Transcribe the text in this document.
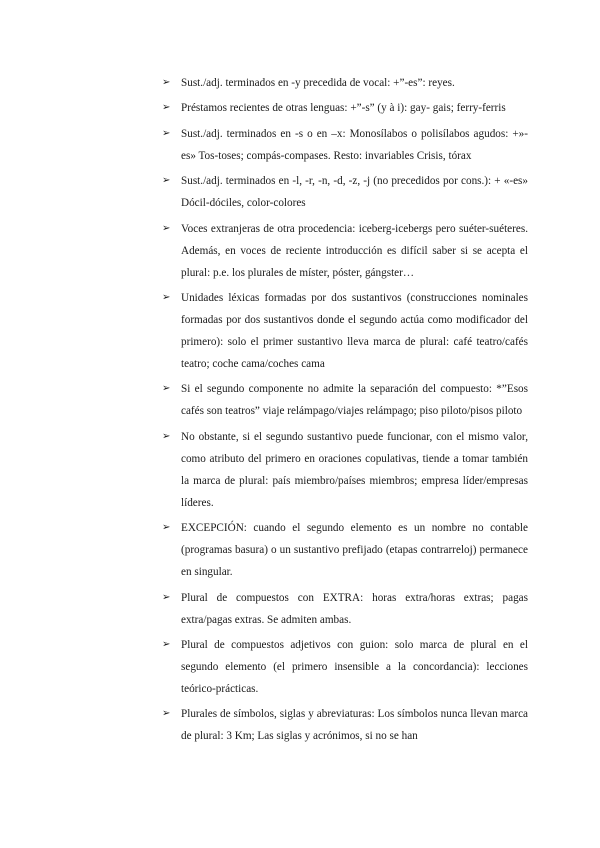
➢ Sust./adj. terminados en -y precedida de vocal: +”-es”: reyes.
➢ Préstamos recientes de otras lenguas: +”-s” (y à i): gay- gais; ferry-ferris
➢ Sust./adj. terminados en -s o en –x: Monosílabos o polisílabos agudos: +»-es» Tos-toses; compás-compases. Resto: invariables Crisis, tórax
➢ Sust./adj. terminados en -l, -r, -n, -d, -z, -j (no precedidos por cons.): + «-es» Dócil-dóciles, color-colores
➢ Voces extranjeras de otra procedencia: iceberg-icebergs pero suéter-suéteres. Además, en voces de reciente introducción es difícil saber si se acepta el plural: p.e. los plurales de míster, póster, gángster…
➢ Unidades léxicas formadas por dos sustantivos (construcciones nominales formadas por dos sustantivos donde el segundo actúa como modificador del primero): solo el primer sustantivo lleva marca de plural: café teatro/cafés teatro; coche cama/coches cama
➢ Si el segundo componente no admite la separación del compuesto: *”Esos cafés son teatros” viaje relámpago/viajes relámpago; piso piloto/pisos piloto
➢ No obstante, si el segundo sustantivo puede funcionar, con el mismo valor, como atributo del primero en oraciones copulativas, tiende a tomar también la marca de plural: país miembro/países miembros; empresa líder/empresas líderes.
➢ EXCEPCIÓN: cuando el segundo elemento es un nombre no contable (programas basura) o un sustantivo prefijado (etapas contrarreloj) permanece en singular.
➢ Plural de compuestos con EXTRA: horas extra/horas extras; pagas extra/pagas extras. Se admiten ambas.
➢ Plural de compuestos adjetivos con guion: solo marca de plural en el segundo elemento (el primero insensible a la concordancia): lecciones teórico-prácticas.
➢ Plurales de símbolos, siglas y abreviaturas: Los símbolos nunca llevan marca de plural: 3 Km; Las siglas y acrónimos, si no se han
